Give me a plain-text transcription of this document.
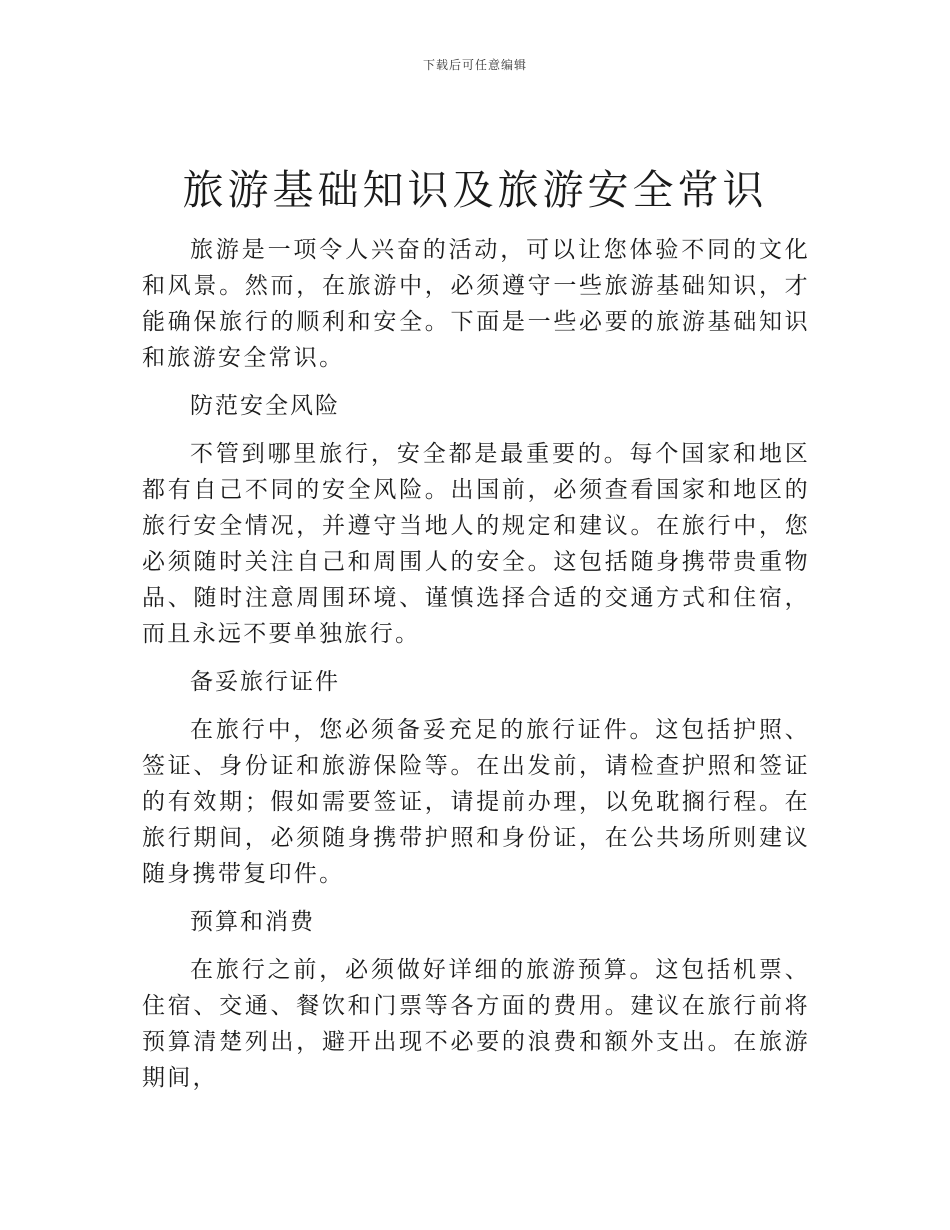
下载后可任意编辑
旅游基础知识及旅游安全常识

旅游是一项令人兴奋的活动，可以让您体验不同的文化和风景。然而，在旅游中，必须遵守一些旅游基础知识，才能确保旅行的顺利和安全。下面是一些必要的旅游基础知识和旅游安全常识。

防范安全风险

不管到哪里旅行，安全都是最重要的。每个国家和地区都有自己不同的安全风险。出国前，必须查看国家和地区的旅行安全情况，并遵守当地人的规定和建议。在旅行中，您必须随时关注自己和周围人的安全。这包括随身携带贵重物品、随时注意周围环境、谨慎选择合适的交通方式和住宿，而且永远不要单独旅行。

备妥旅行证件

在旅行中，您必须备妥充足的旅行证件。这包括护照、签证、身份证和旅游保险等。在出发前，请检查护照和签证的有效期；假如需要签证，请提前办理，以免耽搁行程。在旅行期间，必须随身携带护照和身份证，在公共场所则建议随身携带复印件。

预算和消费

在旅行之前，必须做好详细的旅游预算。这包括机票、住宿、交通、餐饮和门票等各方面的费用。建议在旅行前将预算清楚列出，避开出现不必要的浪费和额外支出。在旅游期间，
